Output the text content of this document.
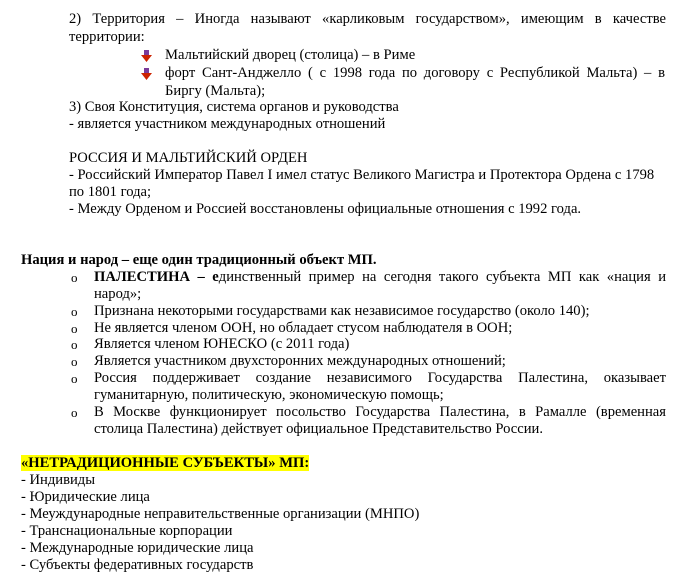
2) Территория – Иногда называют «карликовым государством», имеющим в качестве
территории:
Мальтийский дворец (столица) – в Риме
форт Сант-Анджелло ( с 1998 года по договору с Республикой Мальта) – в
Биргу (Мальта);
3) Своя Конституция, система органов и руководства
- является участником международных отношений
РОССИЯ И МАЛЬТИЙСКИЙ ОРДЕН
- Российский Император Павел I имел статус Великого Магистра и Протектора Ордена с 1798
по 1801 года;
- Между Орденом и Россией восстановлены официальные отношения с 1992 года.
Нация и народ – еще один традиционный объект МП.
o ПАЛЕСТИНА – единственный пример на сегодня такого субъекта МП как «нация и
народ»;
o Признана некоторыми государствами как независимое государство (около 140);
o Не является членом ООН, но обладает стусом наблюдателя в ООН;
o Является членом ЮНЕСКО (с 2011 года)
o Является участником двухсторонних международных отношений;
o Россия поддерживает создание независимого Государства Палестина, оказывает
гуманитарную, политическую, экономическую помощь;
o В Москве функционирует посольство Государства Палестина, в Рамалле (временная
столица Палестина) действует официальное Представительство России.
«НЕТРАДИЦИОННЫЕ СУБЪЕКТЫ» МП:
- Индивиды
- Юридические лица
- Меуждународные неправительственные организации (МНПО)
- Транснациональные корпорации
- Международные юридические лица
- Субъекты федеративных государств
